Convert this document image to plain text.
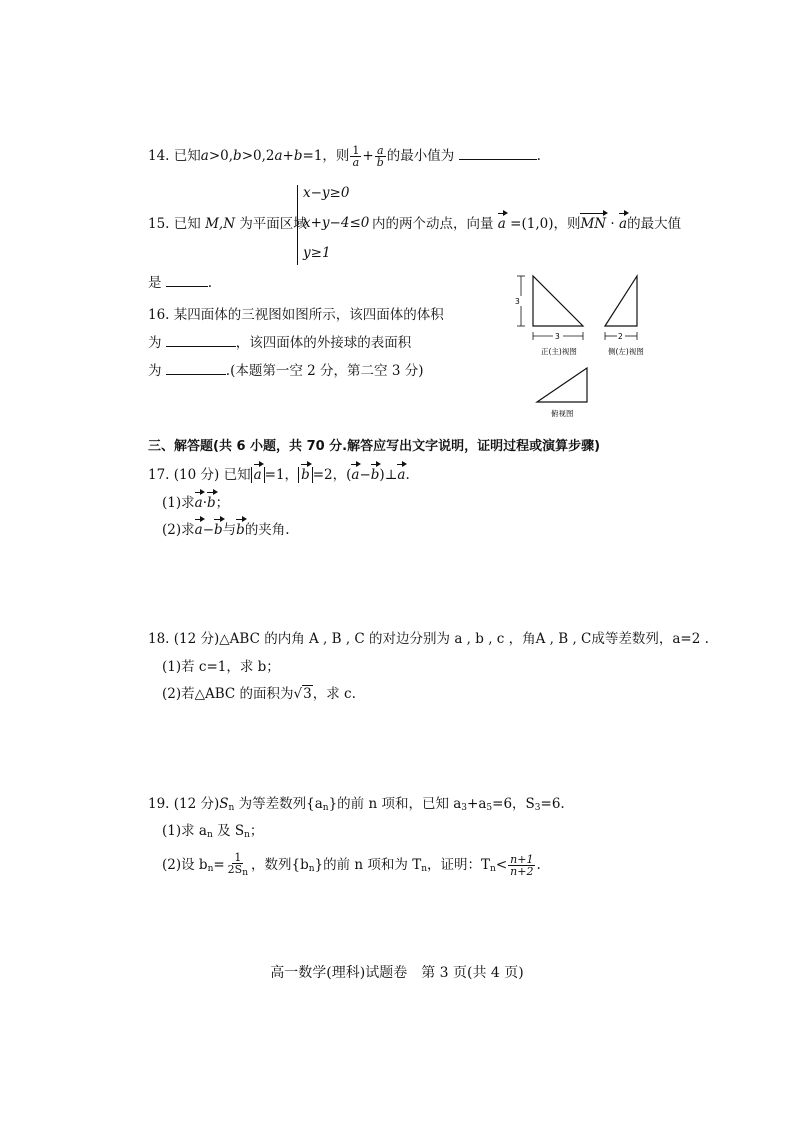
14. 已知a>0,b>0,2a+b=1，则 $\frac{1}{a} + \frac{a}{b}$ 的最小值为	.
15. 已知 M,N 为平面区域
x−y≥0
x+y−4≤0
y≥1
内的两个动点，向量 a =(1,0)，则MN · a的最大值
是	.
16. 某四面体的三视图如图所示，该四面体的体积
为	，该四面体的外接球的表面积
为	.(本题第一空 2 分，第二空 3 分)
3
3
正(主)视图
2
侧(左)视图
俯视图
三、解答题(共 6 小题，共 70 分.解答应写出文字说明，证明过程或演算步骤)
17. (10 分) 已知 a =1， b =2，(a−b)⊥a.
(1)求a·b；
(2)求a−b与b的夹角.
18. (12 分)△ABC 的内角 A , B , C 的对边分别为 a , b , c ，角A , B , C成等差数列，a=2 .
(1)若 c=1，求 b；
(2)若△ABC 的面积为√3，求 c.
19. (12 分)$S_n$ 为等差数列$\{a_n\}$的前 n 项和，已知 $a_3+a_5=6$，$S_3=6$.
(1)求 $a_n$ 及 $S_n$；
(2)设 $b_n= \frac{1}{2S_n}$ ，数列$\{b_n\}$的前 n 项和为 $T_n$，证明：$T_n< \frac{n+1}{n+2}$ .
高一数学(理科)试题卷　第 3 页(共 4 页)
